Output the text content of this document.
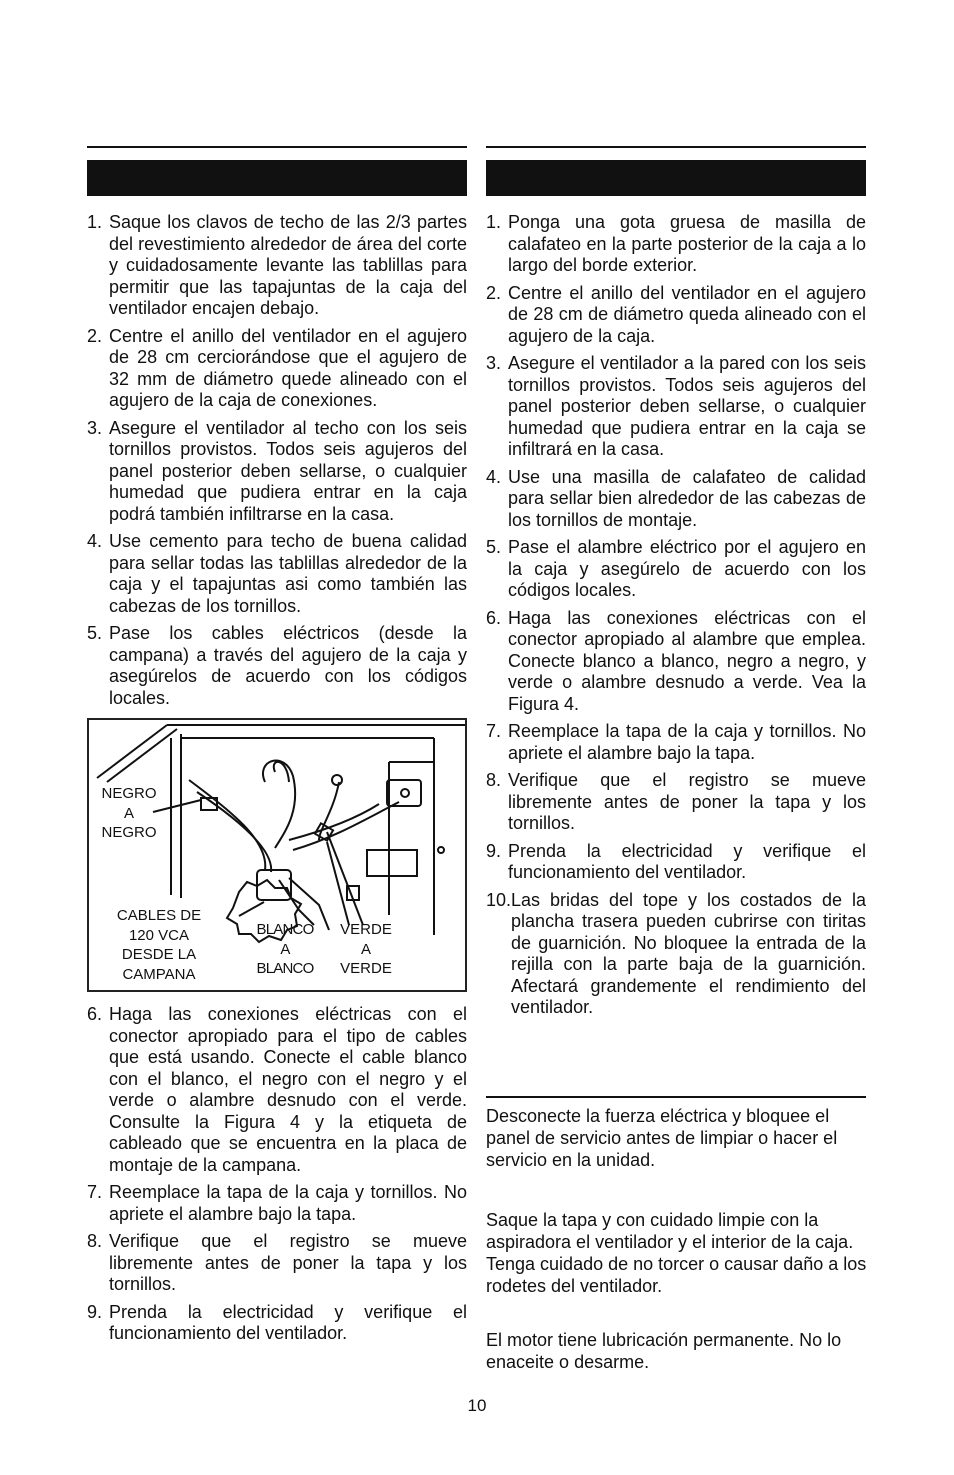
1. Saque los clavos de techo de las 2/3 partes del revestimiento alrededor de área del corte y cuidadosamente levante las tablillas para permitir que las tapajuntas de la caja del ventilador encajen debajo.
2. Centre el anillo del ventilador en el agujero de 28 cm cerciorándose que el agujero de 32 mm de diámetro quede alineado con el agujero de la caja de conexiones.
3. Asegure el ventilador al techo con los seis tornillos provistos. Todos seis agujeros del panel posterior deben sellarse, o cualquier humedad que pudiera entrar en la caja podrá también infiltrarse en la casa.
4. Use cemento para techo de buena calidad para sellar todas las tablillas alrededor de la caja y el tapajuntas asi como también las cabezas de los tornillos.
5. Pase los cables eléctricos (desde la campana) a través del agujero de la caja y asegúrelos de acuerdo con los códigos locales.
NEGRO
A
NEGRO
CABLES DE
120 VCA
DESDE LA
CAMPANA
BLANCO
A
BLANCO
VERDE
A
VERDE
6. Haga las conexiones eléctricas con el conector apropiado para el tipo de cables que está usando. Conecte el cable blanco con el blanco, el negro con el negro y el verde o alambre desnudo con el verde. Consulte la Figura 4 y la etiqueta de cableado que se encuentra en la placa de montaje de la campana.
7. Reemplace la tapa de la caja y tornillos. No apriete el alambre bajo la tapa.
8. Verifique que el registro se mueve libremente antes de poner la tapa y los tornillos.
9. Prenda la electricidad y verifique el funcionamiento del ventilador.
1. Ponga una gota gruesa de masilla de calafateo en la parte posterior de la caja a lo largo del borde exterior.
2. Centre el anillo del ventilador en el agujero de 28 cm de diámetro queda alineado con el agujero de la caja.
3. Asegure el ventilador a la pared con los seis tornillos provistos. Todos seis agujeros del panel posterior deben sellarse, o cualquier humedad que pudiera entrar en la caja se infiltrará en la casa.
4. Use una masilla de calafateo de calidad para sellar bien alrededor de las cabezas de los tornillos de montaje.
5. Pase el alambre eléctrico por el agujero en la caja y asegúrelo de acuerdo con los códigos locales.
6. Haga las conexiones eléctricas con el conector apropiado al alambre que emplea. Conecte blanco a blanco, negro a negro, y verde o alambre desnudo a verde. Vea la Figura 4.
7. Reemplace la tapa de la caja y tornillos. No apriete el alambre bajo la tapa.
8. Verifique que el registro se mueve libremente antes de poner la tapa y los tornillos.
9. Prenda la electricidad y verifique el funcionamiento del ventilador.
10. Las bridas del tope y los costados de la plancha trasera pueden cubrirse con tiritas de guarnición. No bloquee la entrada de la rejilla con la parte baja de la guarnición. Afectará grandemente el rendimiento del ventilador.

Desconecte la fuerza eléctrica y bloquee el panel de servicio antes de limpiar o hacer el servicio en la unidad.

Saque la tapa y con cuidado limpie con la aspiradora el ventilador y el interior de la caja. Tenga cuidado de no torcer o causar daño a los rodetes del ventilador.

El motor tiene lubricación permanente. No lo enaceite o desarme.

10
